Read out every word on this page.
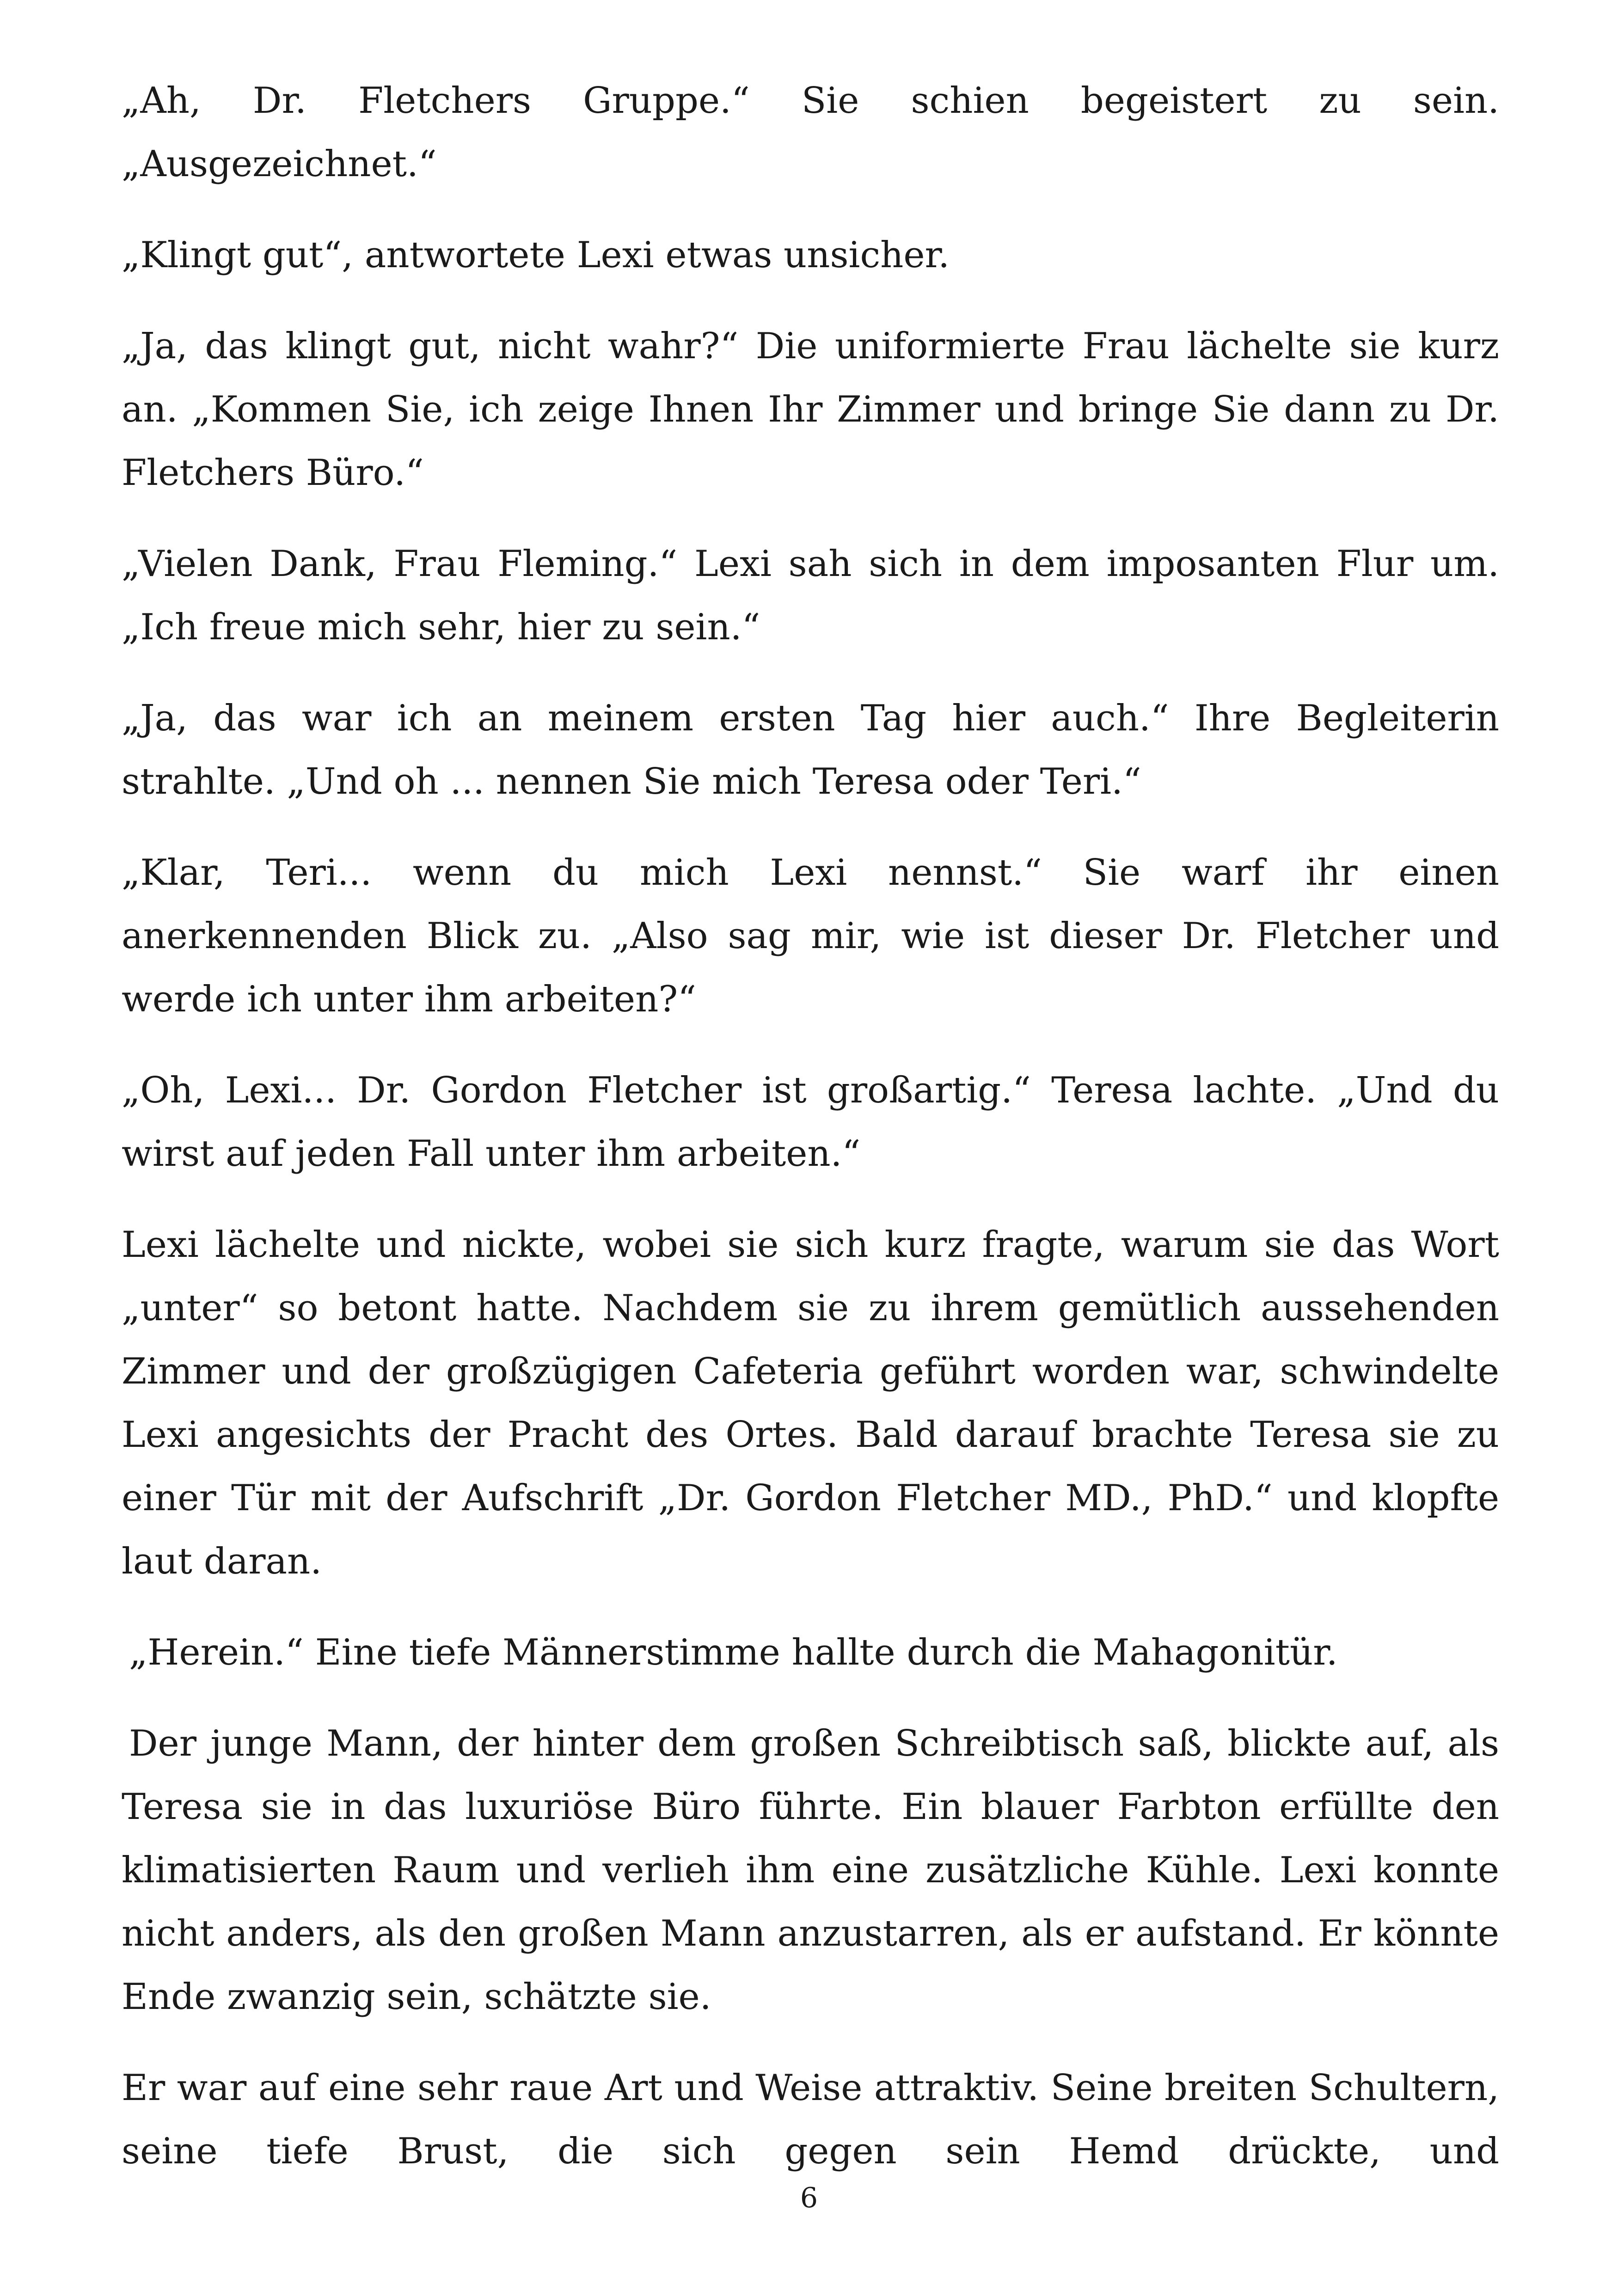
„Ah, Dr. Fletchers Gruppe.“ Sie schien begeistert zu sein. „Ausgezeichnet.“

„Klingt gut“, antwortete Lexi etwas unsicher.

„Ja, das klingt gut, nicht wahr?“ Die uniformierte Frau lächelte sie kurz an. „Kommen Sie, ich zeige Ihnen Ihr Zimmer und bringe Sie dann zu Dr. Fletchers Büro.“

„Vielen Dank, Frau Fleming.“ Lexi sah sich in dem imposanten Flur um. „Ich freue mich sehr, hier zu sein.“

„Ja, das war ich an meinem ersten Tag hier auch.“ Ihre Begleiterin strahlte. „Und oh ... nennen Sie mich Teresa oder Teri.“

„Klar, Teri... wenn du mich Lexi nennst.“ Sie warf ihr einen anerkennenden Blick zu. „Also sag mir, wie ist dieser Dr. Fletcher und werde ich unter ihm arbeiten?“

„Oh, Lexi... Dr. Gordon Fletcher ist großartig.“ Teresa lachte. „Und du wirst auf jeden Fall unter ihm arbeiten.“

Lexi lächelte und nickte, wobei sie sich kurz fragte, warum sie das Wort „unter“ so betont hatte. Nachdem sie zu ihrem gemütlich aussehenden Zimmer und der großzügigen Cafeteria geführt worden war, schwindelte Lexi angesichts der Pracht des Ortes. Bald darauf brachte Teresa sie zu einer Tür mit der Aufschrift „Dr. Gordon Fletcher MD., PhD.“ und klopfte laut daran.

„Herein.“ Eine tiefe Männerstimme hallte durch die Mahagonitür.

Der junge Mann, der hinter dem großen Schreibtisch saß, blickte auf, als Teresa sie in das luxuriöse Büro führte. Ein blauer Farbton erfüllte den klimatisierten Raum und verlieh ihm eine zusätzliche Kühle. Lexi konnte nicht anders, als den großen Mann anzustarren, als er aufstand. Er könnte Ende zwanzig sein, schätzte sie.

Er war auf eine sehr raue Art und Weise attraktiv. Seine breiten Schultern, seine tiefe Brust, die sich gegen sein Hemd drückte, und

6
